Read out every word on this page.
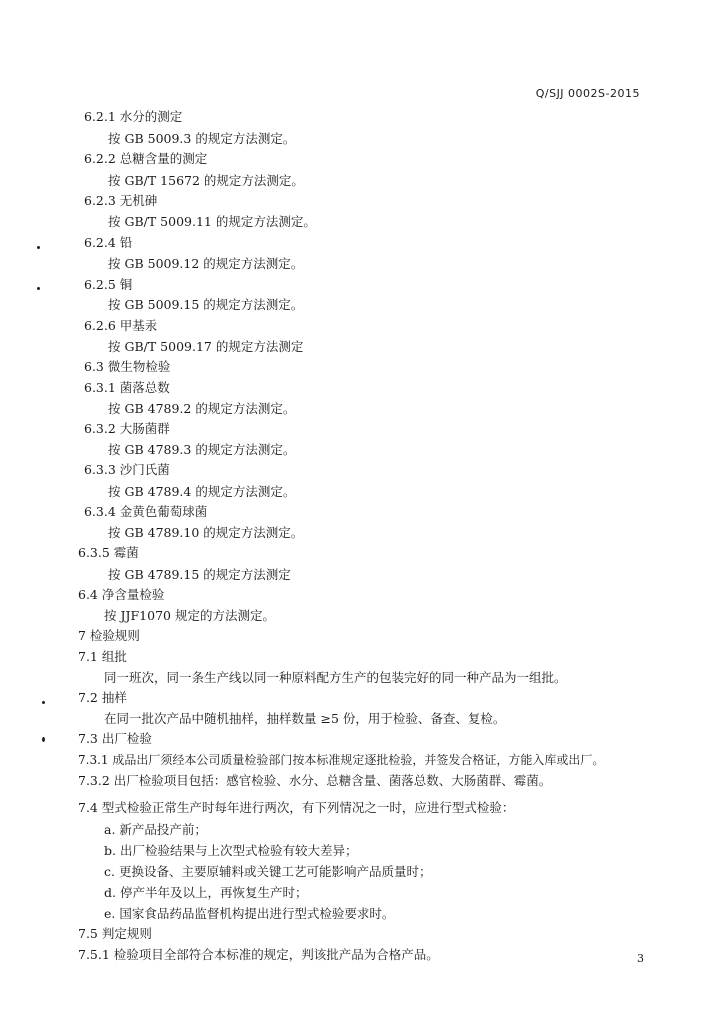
Q/SJJ 0002S-2015
6.2.1 水分的测定
按 GB 5009.3 的规定方法测定。
6.2.2 总糖含量的测定
按 GB/T 15672 的规定方法测定。
6.2.3 无机砷
按 GB/T 5009.11 的规定方法测定。
6.2.4 铅
按 GB 5009.12 的规定方法测定。
6.2.5 铜
按 GB 5009.15 的规定方法测定。
6.2.6 甲基汞
按 GB/T 5009.17 的规定方法测定
6.3 微生物检验
6.3.1 菌落总数
按 GB 4789.2 的规定方法测定。
6.3.2 大肠菌群
按 GB 4789.3 的规定方法测定。
6.3.3 沙门氏菌
按 GB 4789.4 的规定方法测定。
6.3.4 金黄色葡萄球菌
按 GB 4789.10 的规定方法测定。
6.3.5 霉菌
按 GB 4789.15 的规定方法测定
6.4 净含量检验
按 JJF1070 规定的方法测定。
7 检验规则
7.1 组批
同一班次，同一条生产线以同一种原料配方生产的包装完好的同一种产品为一组批。
7.2 抽样
在同一批次产品中随机抽样，抽样数量 ≥5 份，用于检验、备查、复检。
7.3 出厂检验
7.3.1 成品出厂须经本公司质量检验部门按本标准规定逐批检验，并签发合格证，方能入库或出厂。
7.3.2 出厂检验项目包括：感官检验、水分、总糖含量、菌落总数、大肠菌群、霉菌。
7.4 型式检验正常生产时每年进行两次，有下列情况之一时，应进行型式检验：
a. 新产品投产前；
b. 出厂检验结果与上次型式检验有较大差异；
c. 更换设备、主要原辅料或关键工艺可能影响产品质量时；
d. 停产半年及以上，再恢复生产时；
e. 国家食品药品监督机构提出进行型式检验要求时。
7.5 判定规则
7.5.1 检验项目全部符合本标准的规定，判该批产品为合格产品。	3
